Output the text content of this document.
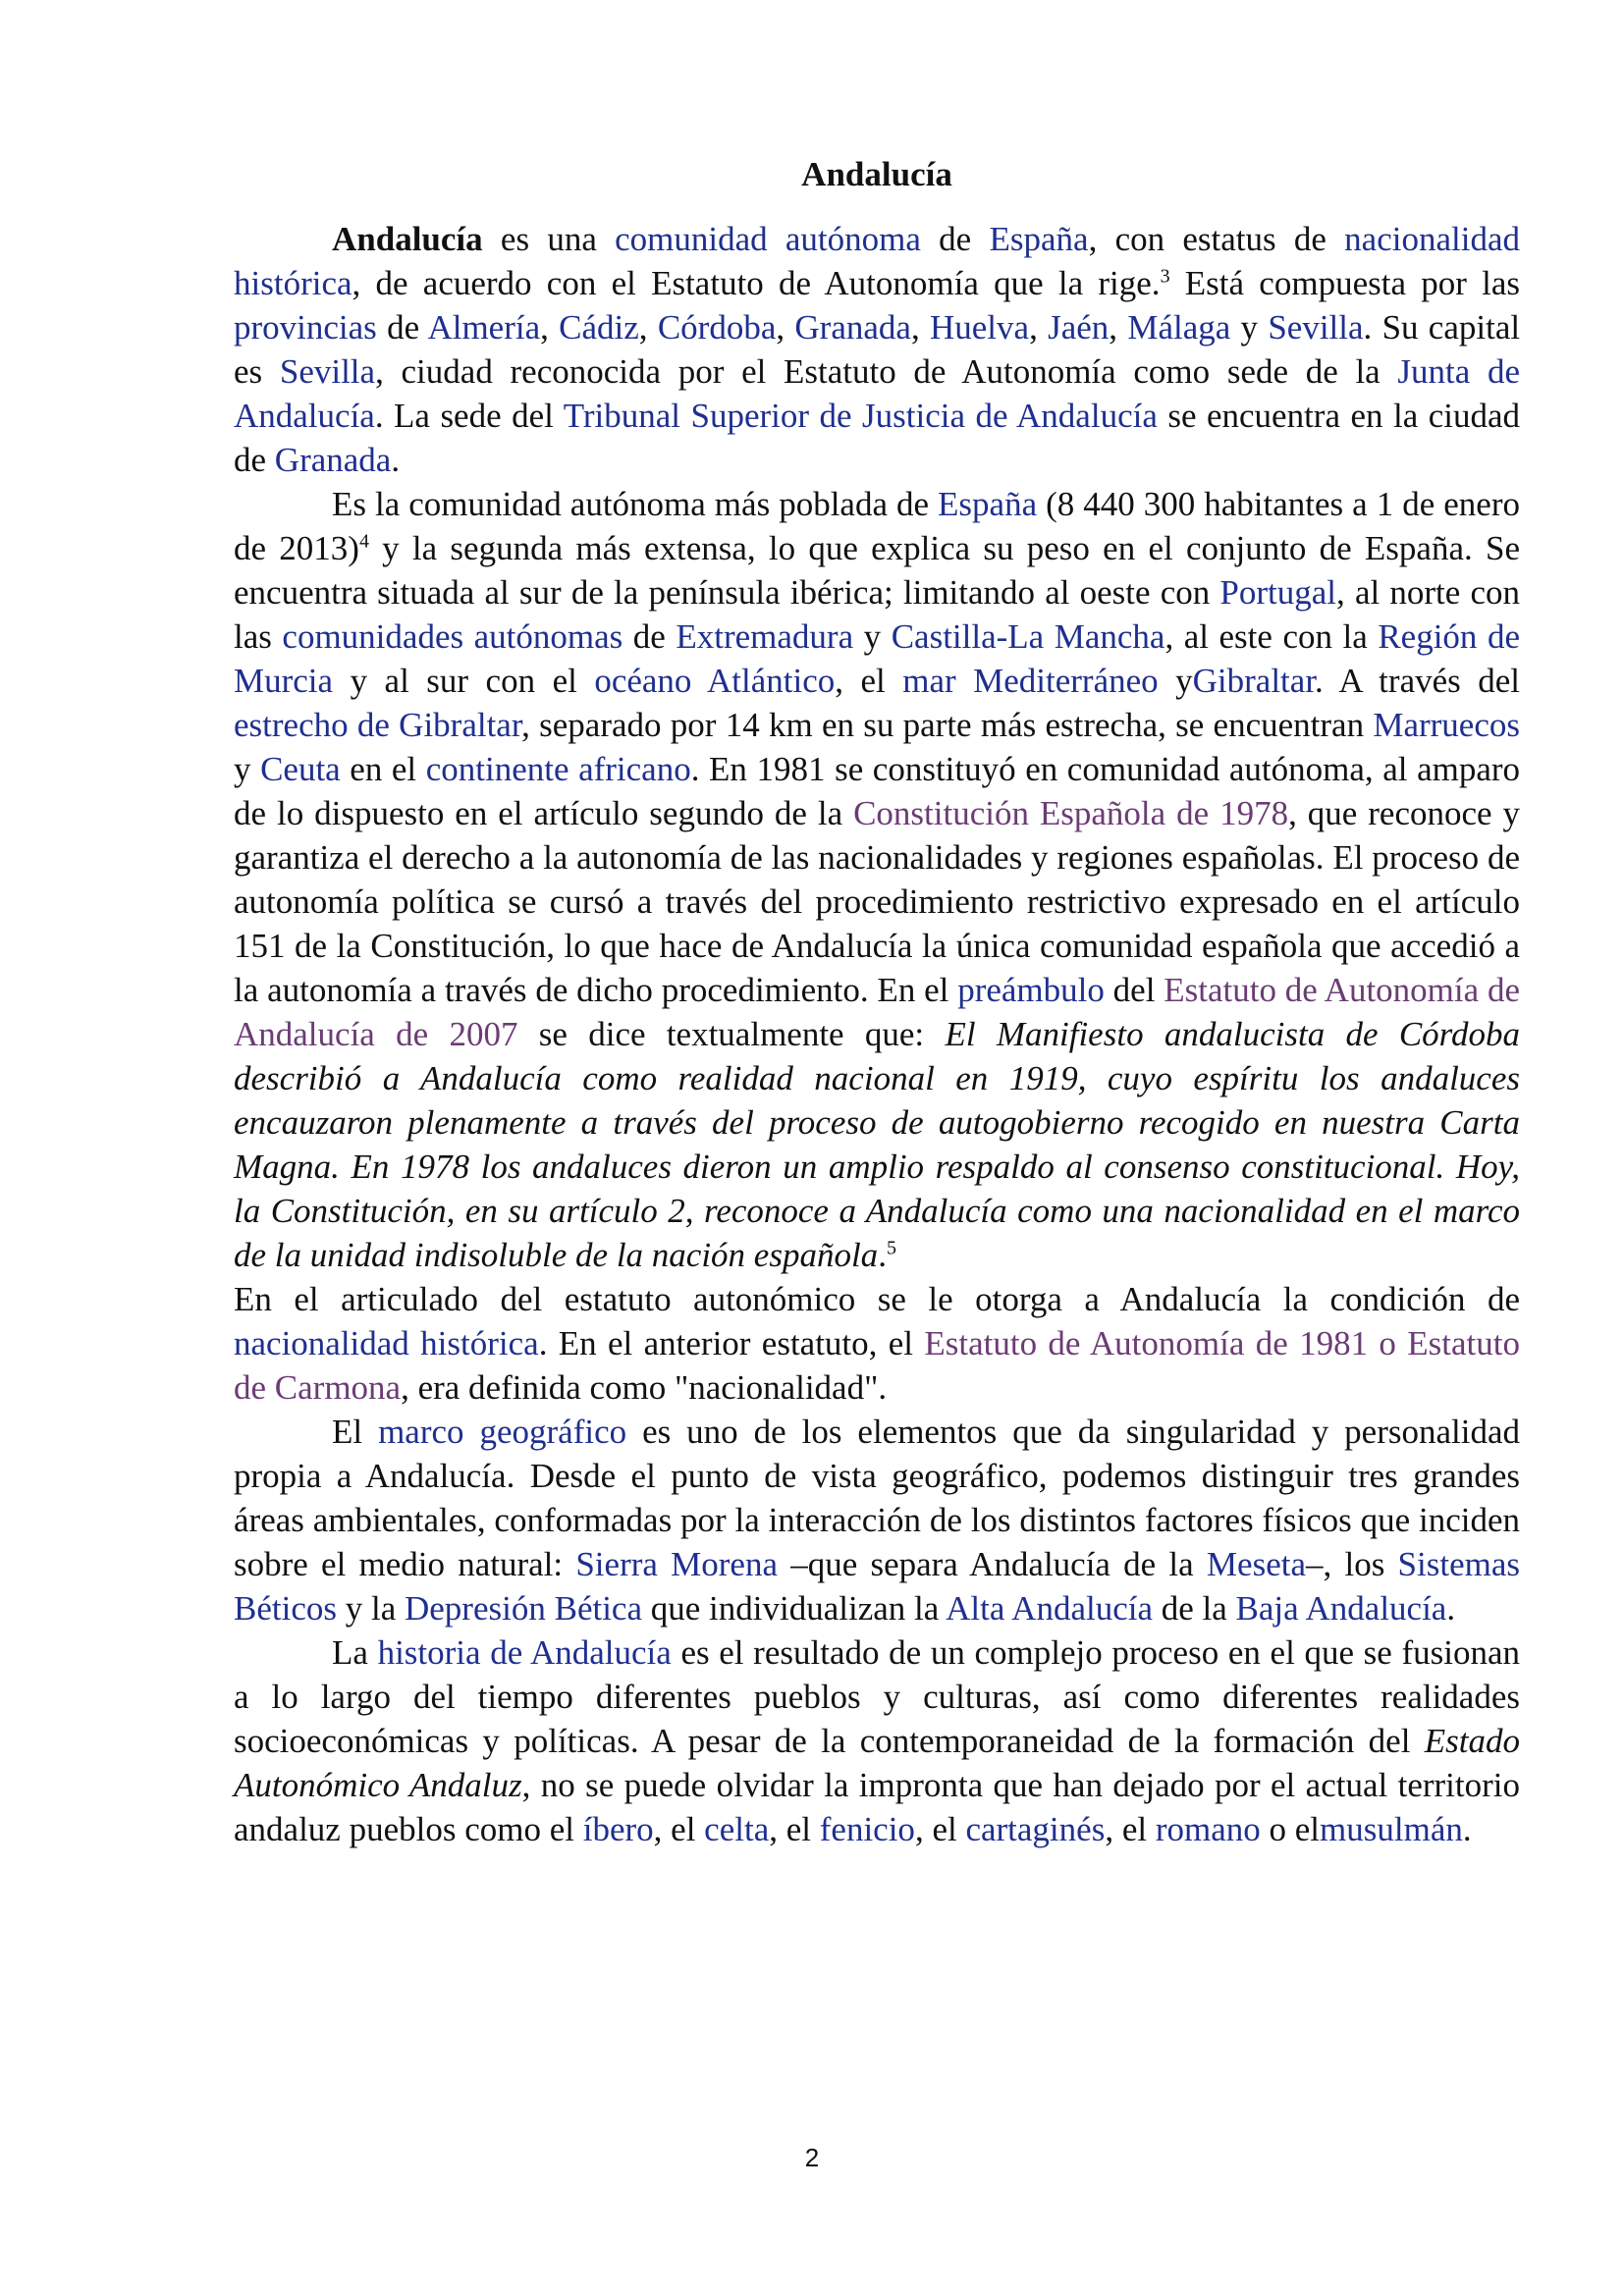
Andalucía

Andalucía es una comunidad autónoma de España, con estatus de nacionalidad histórica, de acuerdo con el Estatuto de Autonomía que la rige.$^3$ Está compuesta por las provincias de Almería, Cádiz, Córdoba, Granada, Huelva, Jaén, Málaga y Sevilla. Su capital es Sevilla, ciudad reconocida por el Estatuto de Autonomía como sede de la Junta de Andalucía. La sede del Tribunal Superior de Justicia de Andalucía se encuentra en la ciudad de Granada.

Es la comunidad autónoma más poblada de España (8 440 300 habitantes a 1 de enero de 2013)$^4$ y la segunda más extensa, lo que explica su peso en el conjunto de España. Se encuentra situada al sur de la península ibérica; limitando al oeste con Portugal, al norte con las comunidades autónomas de Extremadura y Castilla-La Mancha, al este con la Región de Murcia y al sur con el océano Atlántico, el mar Mediterráneo yGibraltar. A través del estrecho de Gibraltar, separado por 14 km en su parte más estrecha, se encuentran Marruecos y Ceuta en el continente africano. En 1981 se constituyó en comunidad autónoma, al amparo de lo dispuesto en el artículo segundo de la Constitución Española de 1978, que reconoce y garantiza el derecho a la autonomía de las nacionalidades y regiones españolas. El proceso de autonomía política se cursó a través del procedimiento restrictivo expresado en el artículo 151 de la Constitución, lo que hace de Andalucía la única comunidad española que accedió a la autonomía a través de dicho procedimiento. En el preámbulo del Estatuto de Autonomía de Andalucía de 2007 se dice textualmente que: El Manifiesto andalucista de Córdoba describió a Andalucía como realidad nacional en 1919, cuyo espíritu los andaluces encauzaron plenamente a través del proceso de autogobierno recogido en nuestra Carta Magna. En 1978 los andaluces dieron un amplio respaldo al consenso constitucional. Hoy, la Constitución, en su artículo 2, reconoce a Andalucía como una nacionalidad en el marco de la unidad indisoluble de la nación española.$^5$

En el articulado del estatuto autonómico se le otorga a Andalucía la condición de nacionalidad histórica. En el anterior estatuto, el Estatuto de Autonomía de 1981 o Estatuto de Carmona, era definida como "nacionalidad".

El marco geográfico es uno de los elementos que da singularidad y personalidad propia a Andalucía. Desde el punto de vista geográfico, podemos distinguir tres grandes áreas ambientales, conformadas por la interacción de los distintos factores físicos que inciden sobre el medio natural: Sierra Morena –que separa Andalucía de la Meseta–, los Sistemas Béticos y la Depresión Bética que individualizan la Alta Andalucía de la Baja Andalucía.

La historia de Andalucía es el resultado de un complejo proceso en el que se fusionan a lo largo del tiempo diferentes pueblos y culturas, así como diferentes realidades socioeconómicas y políticas. A pesar de la contemporaneidad de la formación del Estado Autonómico Andaluz, no se puede olvidar la impronta que han dejado por el actual territorio andaluz pueblos como el íbero, el celta, el fenicio, el cartaginés, el romano o elmusulmán.

2
